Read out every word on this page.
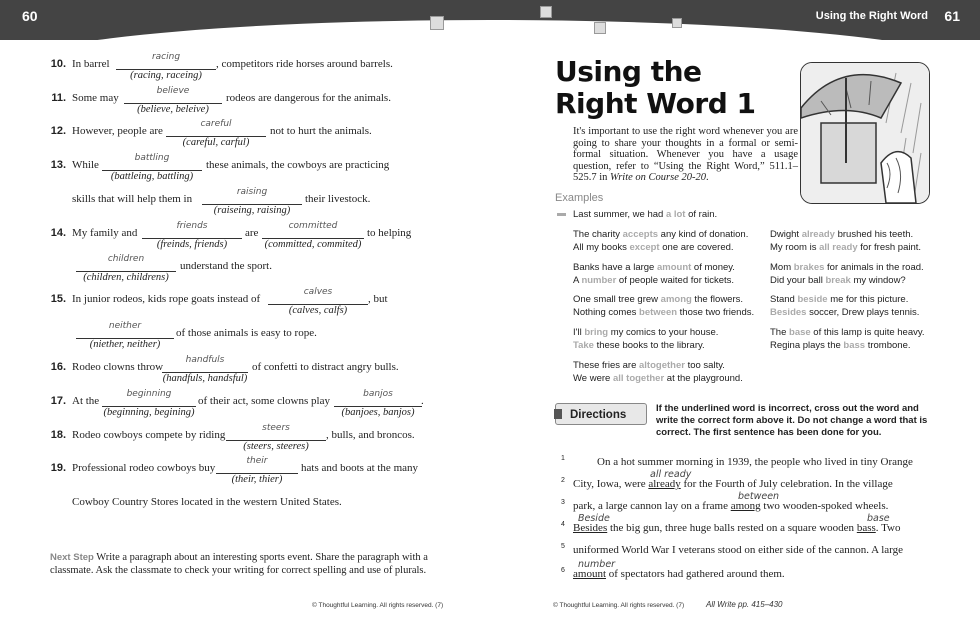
60	Using the Right Word 61
10. In barrel
racing
(racing, raceing)
, competitors ride horses around barrels.
11. Some may
believe
(believe, beleive)
rodeos are dangerous for the animals.
12. However, people are
careful
(careful, carful)
not to hurt the animals.
13. While
battling
(battleing, battling)
these animals, the cowboys are practicing
skills that will help them in
raising
(raiseing, raising)
their livestock.
14. My family and
friends
(freinds, friends)
are
committed
(committed, commited)
to helping
children
(children, childrens)
understand the sport.
15. In junior rodeos, kids rope goats instead of
calves
(calves, calfs)
, but
neither
(niether, neither)
of those animals is easy to rope.
16. Rodeo clowns throw
handfuls
(handfuls, handsful)
of confetti to distract angry bulls.
17. At the
beginning
(beginning, begining)
of their act, some clowns play
banjos
(banjoes, banjos)
.
18. Rodeo cowboys compete by riding
steers
(steers, steeres)
, bulls, and broncos.
19. Professional rodeo cowboys buy
their
(their, thier)
hats and boots at the many
Cowboy Country Stores located in the western United States.
Next Step Write a paragraph about an interesting sports event. Share the paragraph with a classmate. Ask the classmate to check your writing for correct spelling and use of plurals.
© Thoughtful Learning. All rights reserved. (7)
Using the
Right Word 1
It's important to use the right word whenever you are going to share your thoughts in a formal or semi-formal situation. Whenever you have a usage question, refer to “Using the Right Word,” 511.1–525.7 in Write on Course 20-20.
Examples
Last summer, we had a lot of rain.
The charity accepts any kind of donation.
All my books except one are covered.
Banks have a large amount of money.
A number of people waited for tickets.
One small tree grew among the flowers.
Nothing comes between those two friends.
I'll bring my comics to your house.
Take these books to the library.
These fries are altogether too salty.
We were all together at the playground.
Dwight already brushed his teeth.
My room is all ready for fresh paint.
Mom brakes for animals in the road.
Did your ball break my window?
Stand beside me for this picture.
Besides soccer, Drew plays tennis.
The base of this lamp is quite heavy.
Regina plays the bass trombone.
Directions
If the underlined word is incorrect, cross out the word and write the correct form above it. Do not change a word that is correct. The first sentence has been done for you.
1	On a hot summer morning in 1939, the people who lived in tiny Orange
2
all ready
City, Iowa, were already for the Fourth of July celebration. In the village
3
between
park, a large cannon lay on a frame among two wooden-spoked wheels.
4
Beside	base
Besides the big gun, three huge balls rested on a square wooden bass. Two
5 uniformed World War I veterans stood on either side of the cannon. A large
6
number
amount of spectators had gathered around them.
© Thoughtful Learning. All rights reserved. (7)	All Write pp. 415–430
